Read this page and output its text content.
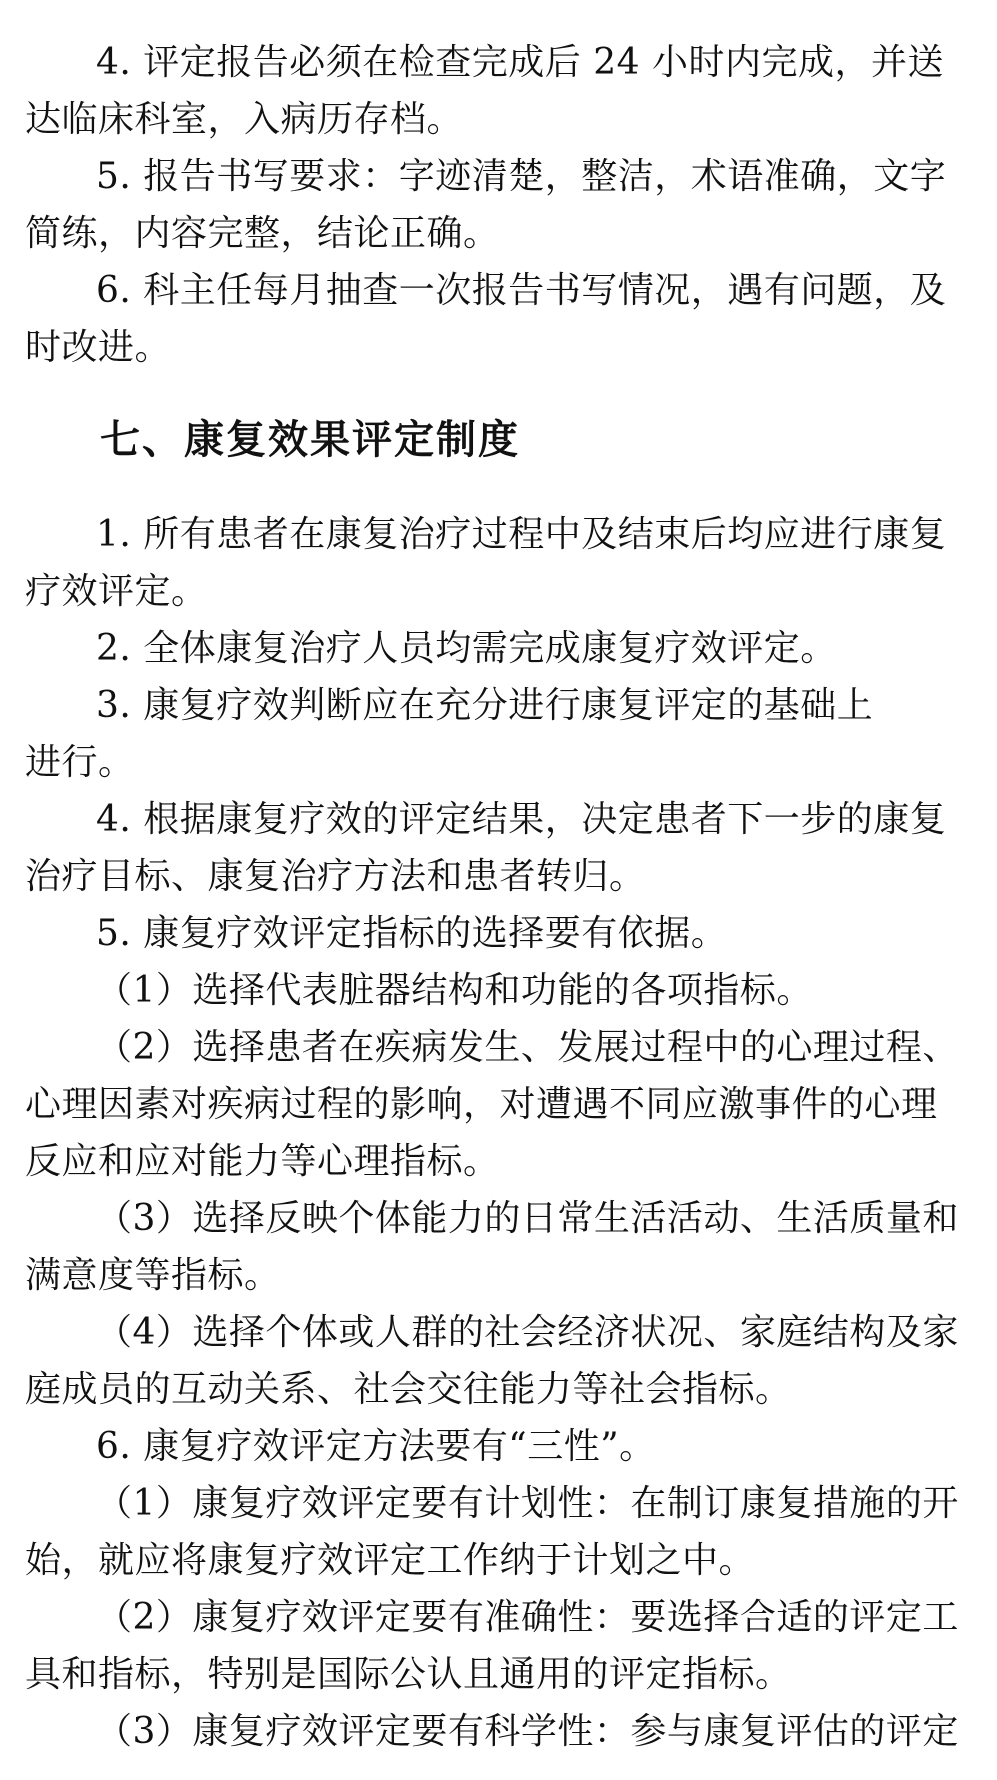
4. 评定报告必须在检查完成后 24 小时内完成，并送
达临床科室，入病历存档。
5. 报告书写要求：字迹清楚，整洁，术语准确，文字
简练，内容完整，结论正确。
6. 科主任每月抽查一次报告书写情况，遇有问题，及
时改进。
七、康复效果评定制度
1. 所有患者在康复治疗过程中及结束后均应进行康复
疗效评定。
2. 全体康复治疗人员均需完成康复疗效评定。
3. 康复疗效判断应在充分进行康复评定的基础上
进行。
4. 根据康复疗效的评定结果，决定患者下一步的康复
治疗目标、康复治疗方法和患者转归。
5. 康复疗效评定指标的选择要有依据。
（1）选择代表脏器结构和功能的各项指标。
（2）选择患者在疾病发生、发展过程中的心理过程、
心理因素对疾病过程的影响，对遭遇不同应激事件的心理
反应和应对能力等心理指标。
（3）选择反映个体能力的日常生活活动、生活质量和
满意度等指标。
（4）选择个体或人群的社会经济状况、家庭结构及家
庭成员的互动关系、社会交往能力等社会指标。
6. 康复疗效评定方法要有“三性”。
（1）康复疗效评定要有计划性：在制订康复措施的开
始，就应将康复疗效评定工作纳于计划之中。
（2）康复疗效评定要有准确性：要选择合适的评定工
具和指标，特别是国际公认且通用的评定指标。
（3）康复疗效评定要有科学性：参与康复评估的评定
